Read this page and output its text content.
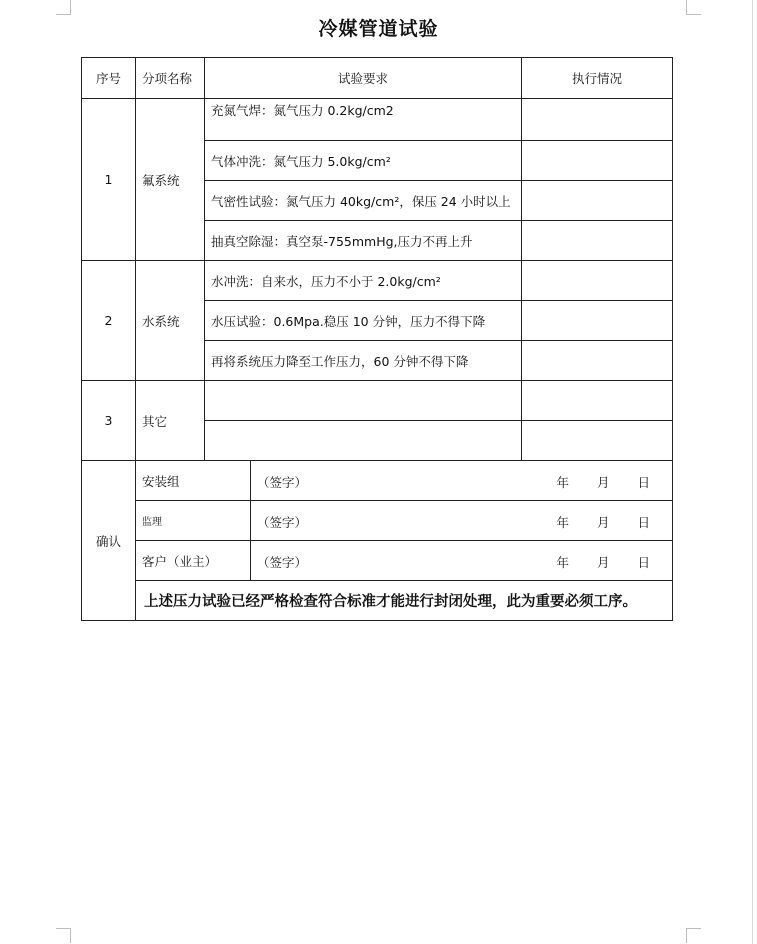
冷媒管道试验
序号	分项名称	试验要求		执行情况
1	氟系统	充氮气焊：氮气压力 0.2kg/cm2		
		气体冲洗：氮气压力 5.0kg/cm²		
		气密性试验：氮气压力 40kg/cm²，保压 24 小时以上		
		抽真空除湿：真空泵-755mmHg,压力不再上升		
2	水系统	水冲洗：自来水，压力不小于 2.0kg/cm²		
		水压试验：0.6Mpa.稳压 10 分钟，压力不得下降		
		再将系统压力降至工作压力，60 分钟不得下降		
3	其它			

确认	安装组		（签字） 年 月 日	

	监理		（签字） 年 月 日	

	客户（业主）		（签字） 年 月 日	

	上述压力试验已经严格检查符合标准才能进行封闭处理，此为重要必须工序。			
